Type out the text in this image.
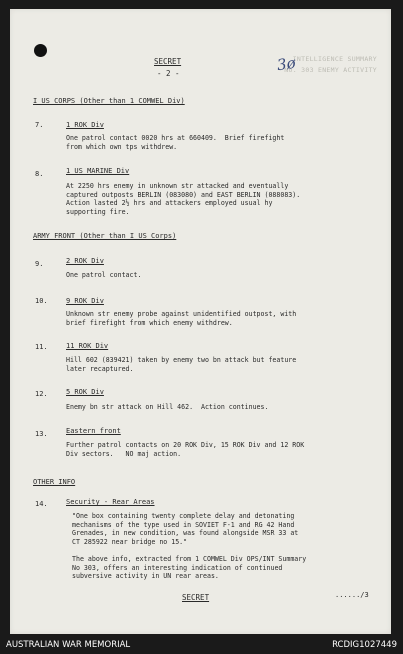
INTELLIGENCE SUMMARY
No. 303 ENEMY ACTIVITY
SECRET
- 2 -	3ø
I US CORPS (Other than 1 COMWEL Div)
7.	1 ROK Div
One patrol contact 0020 hrs at 660409.  Brief firefight
from which own tps withdrew.
8.	1 US MARINE Div
At 2250 hrs enemy in unknown str attacked and eventually
captured outposts BERLIN (083080) and EAST BERLIN (088083).
Action lasted 2½ hrs and attackers employed usual hy
supporting fire.
ARMY FRONT (Other than I US Corps)
9.	2 ROK Div
One patrol contact.
10.	9 ROK Div
Unknown str enemy probe against unidentified outpost, with
brief firefight from which enemy withdrew.
11.	11 ROK Div
Hill 602 (839421) taken by enemy two bn attack but feature
later recaptured.
12.	5 ROK Div
Enemy bn str attack on Hill 462.  Action continues.
13.	Eastern front
Further patrol contacts on 20 ROK Div, 15 ROK Div and 12 ROK
Div sectors.   NO maj action.
OTHER INFO
14.	Security - Rear Areas
"One box containing twenty complete delay and detonating
mechanisms of the type used in SOVIET F-1 and RG 42 Hand
Grenades, in new condition, was found alongside MSR 33 at
CT 285922 near bridge no 15."
The above info, extracted from 1 COMWEL Div OPS/INT Summary
No 303, offers an interesting indication of continued
subversive activity in UN rear areas.
SECRET	....../3
AUSTRALIAN WAR MEMORIAL	RCDIG1027449
